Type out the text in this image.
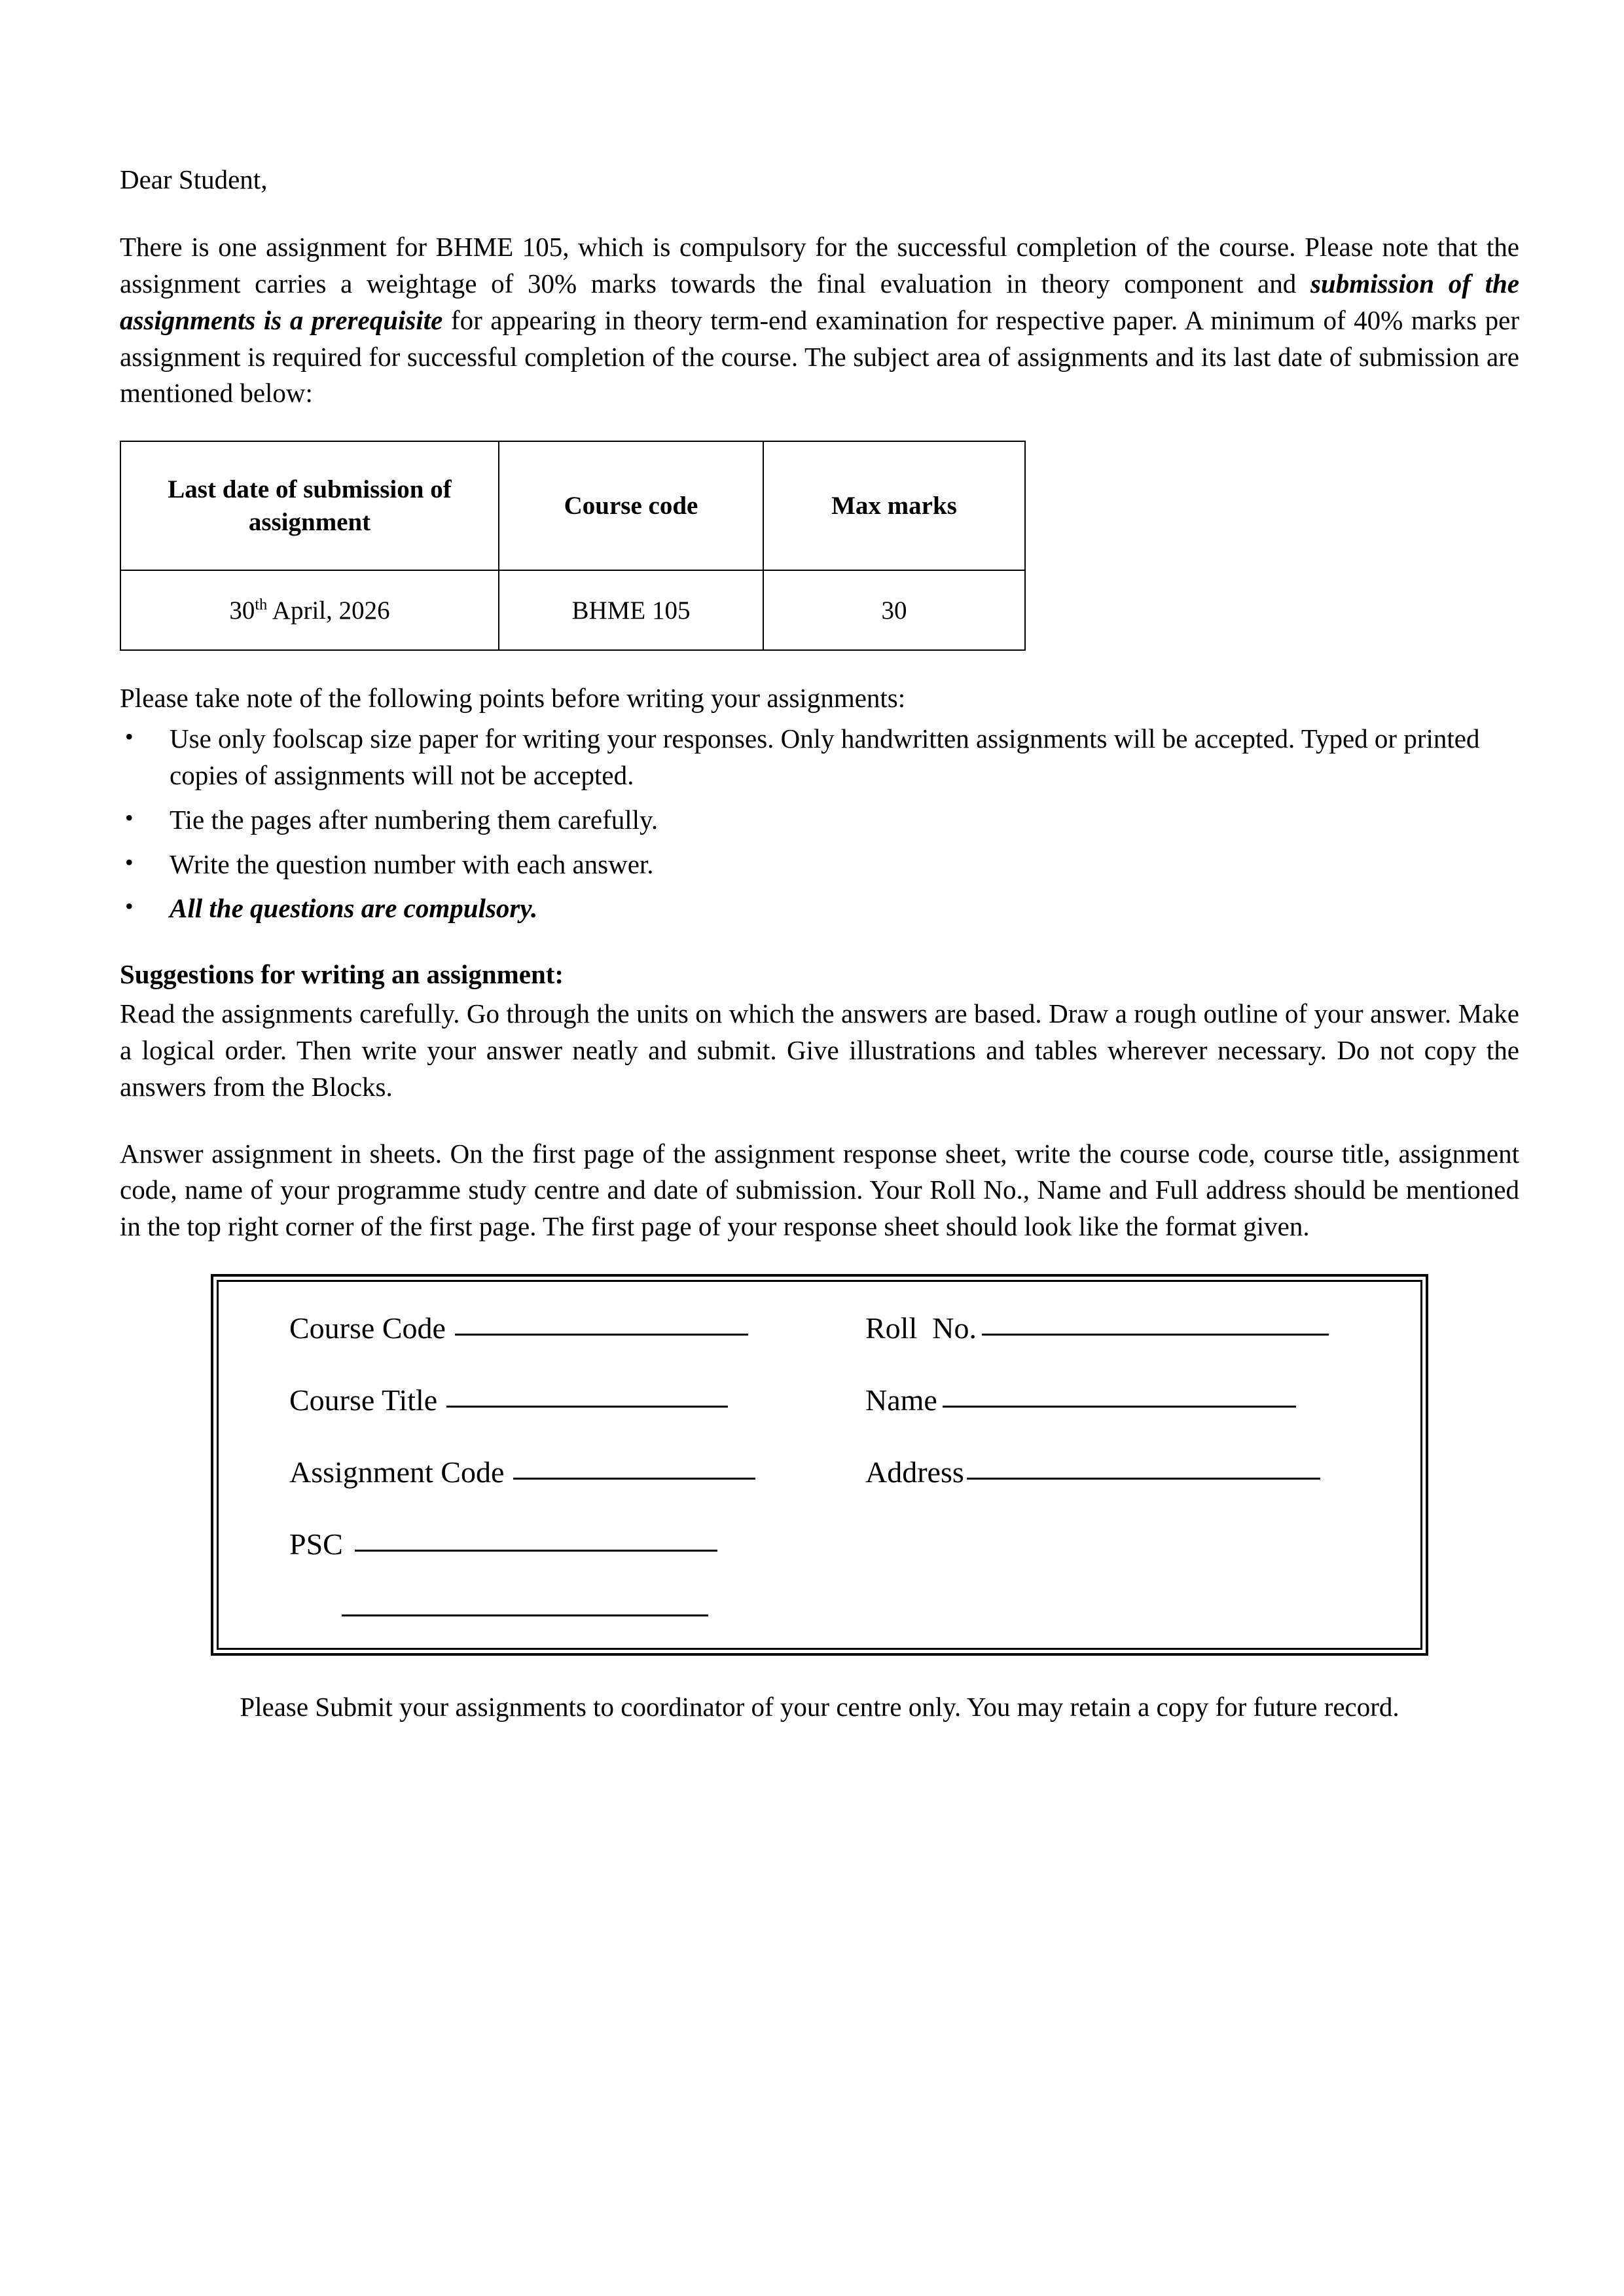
Dear Student,

There is one assignment for BHME 105, which is compulsory for the successful completion of the course. Please note that the assignment carries a weightage of 30% marks towards the final evaluation in theory component and submission of the assignments is a prerequisite for appearing in theory term-end examination for respective paper. A minimum of 40% marks per assignment is required for successful completion of the course. The subject area of assignments and its last date of submission are mentioned below:

Last date of submission of assignment	Course code	Max marks
30th April, 2026	BHME 105	30

Please take note of the following points before writing your assignments:

• Use only foolscap size paper for writing your responses. Only handwritten assignments will be accepted. Typed or printed copies of assignments will not be accepted.
• Tie the pages after numbering them carefully.
• Write the question number with each answer.
• All the questions are compulsory.

Suggestions for writing an assignment:

Read the assignments carefully. Go through the units on which the answers are based. Draw a rough outline of your answer. Make a logical order. Then write your answer neatly and submit. Give illustrations and tables wherever necessary. Do not copy the answers from the Blocks.

Answer assignment in sheets. On the first page of the assignment response sheet, write the course code, course title, assignment code, name of your programme study centre and date of submission. Your Roll No., Name and Full address should be mentioned in the top right corner of the first page. The first page of your response sheet should look like the format given.

Course Code	Roll  No.
Course Title	Name
Assignment Code	Address
PSC

Please Submit your assignments to coordinator of your centre only. You may retain a copy for future record.
